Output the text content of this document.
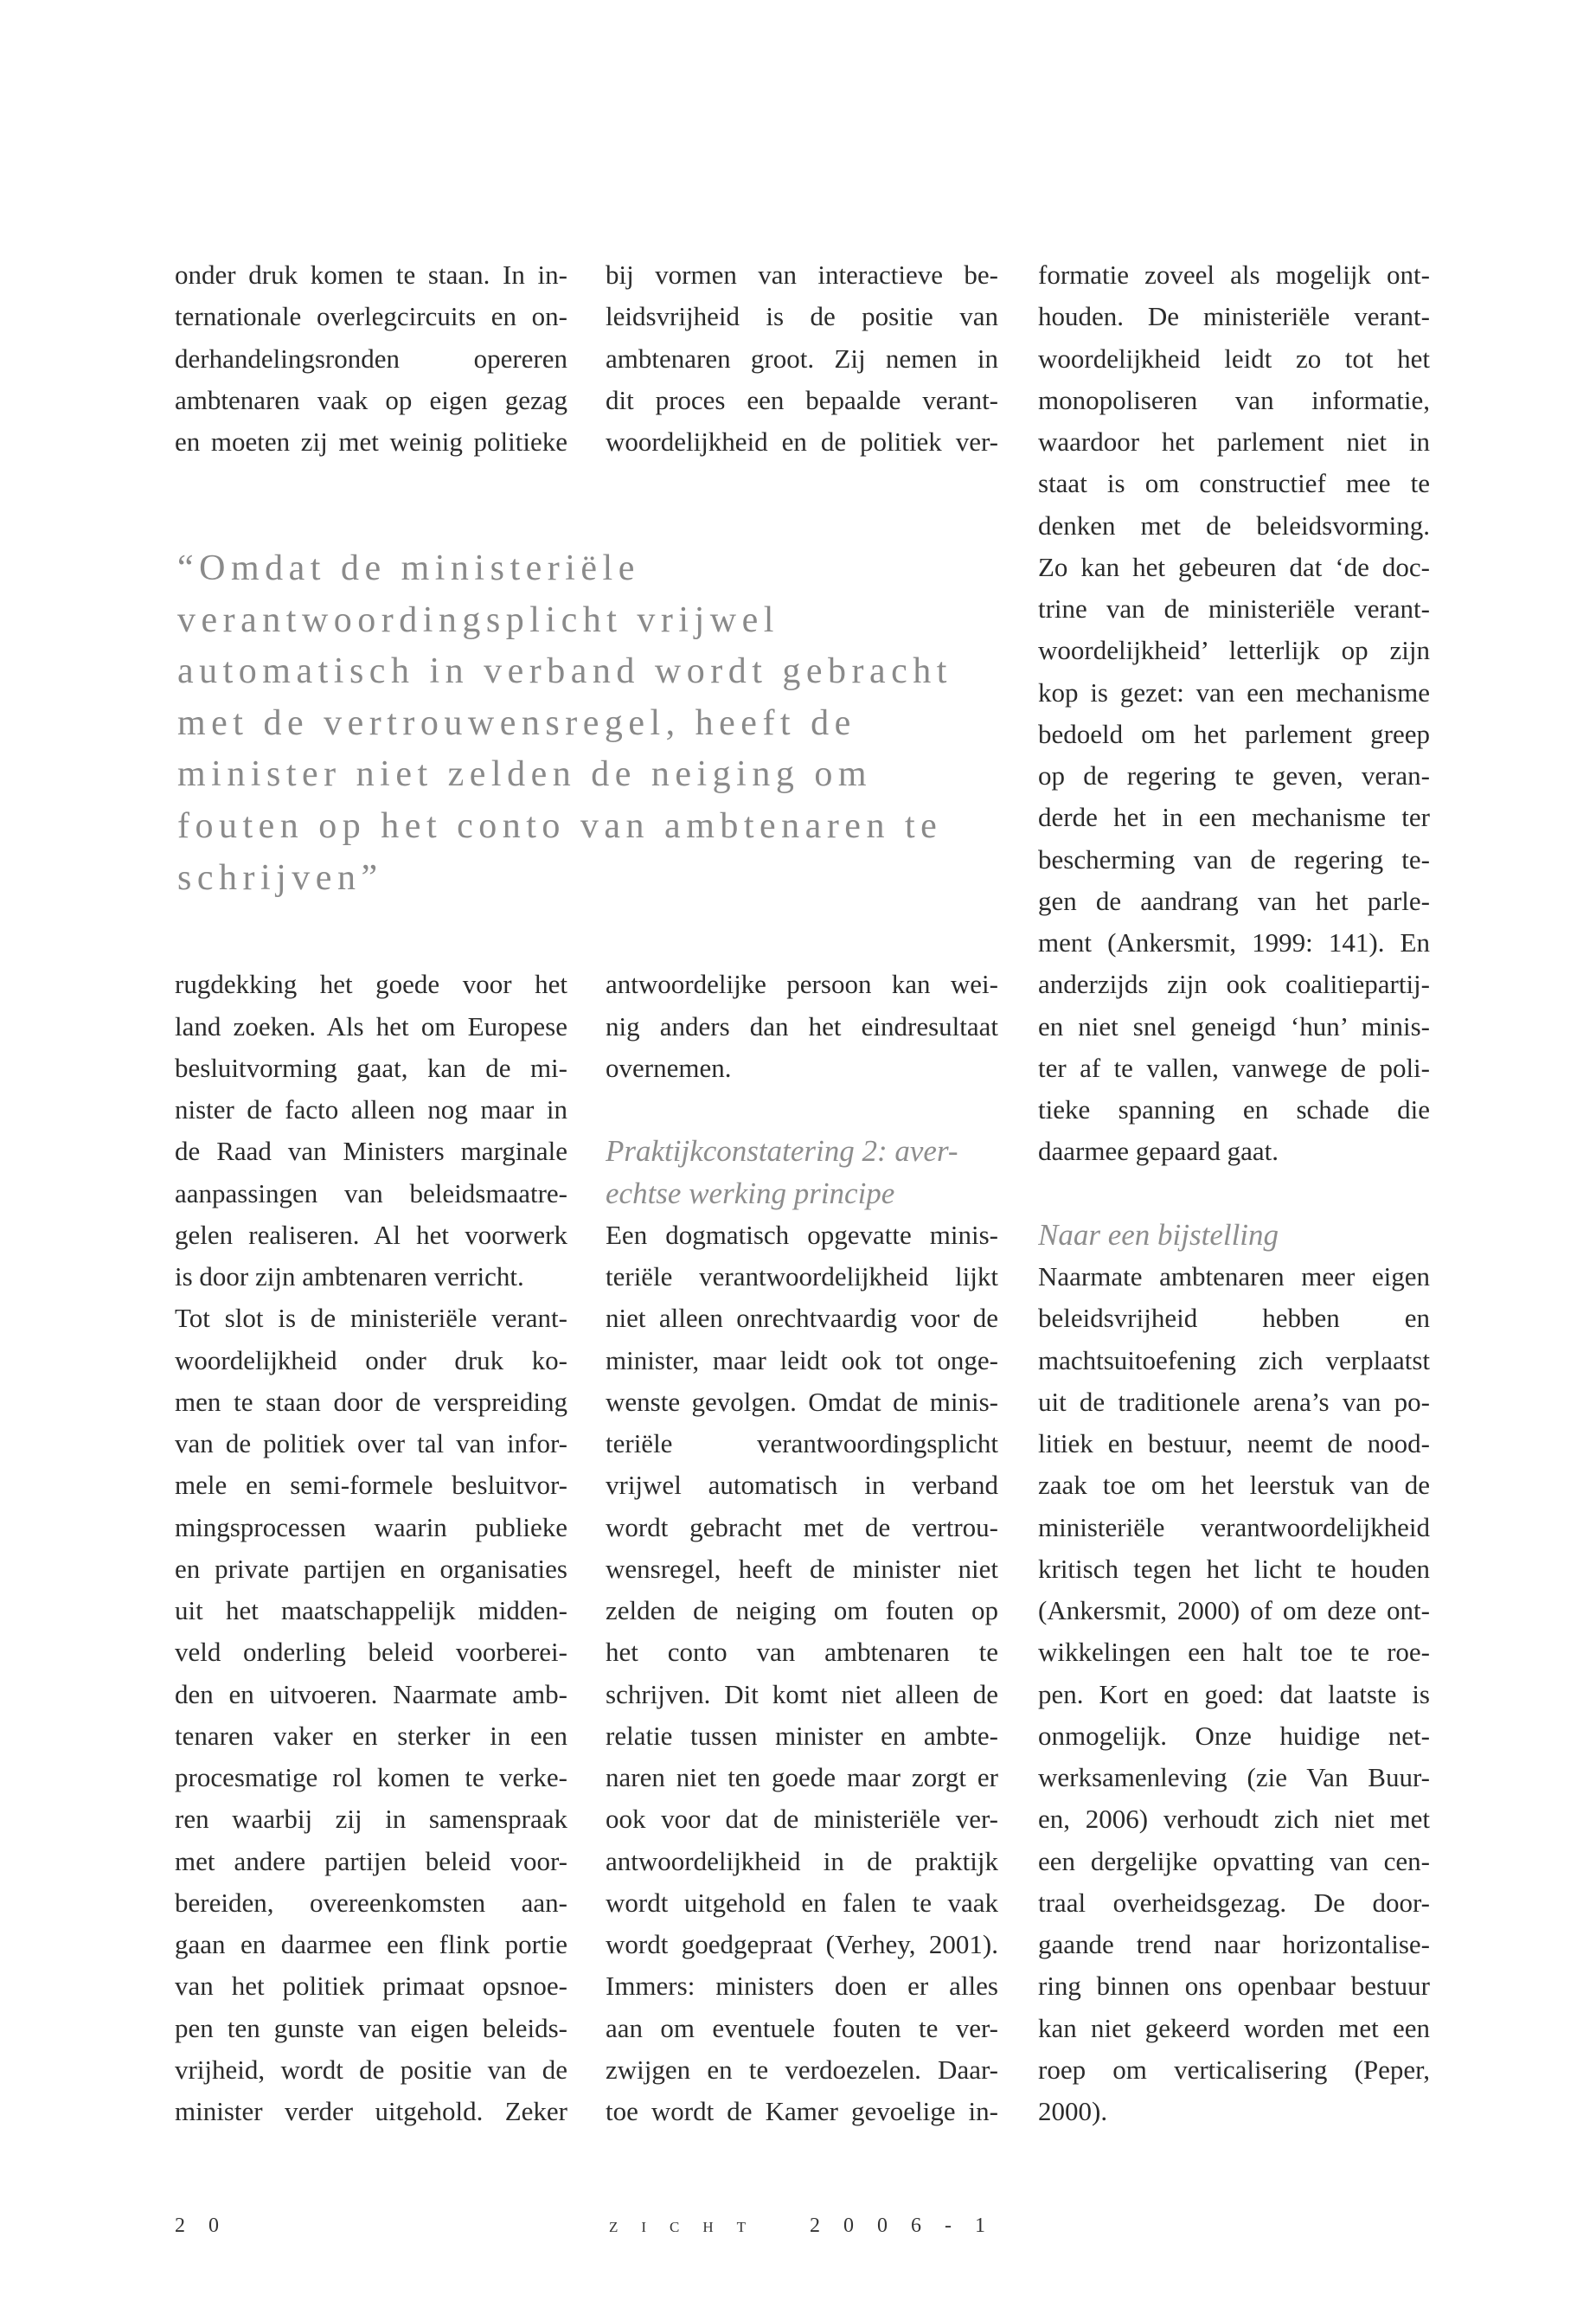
onder druk komen te staan. In in-
ternationale overlegcircuits en on-
derhandelingsronden opereren
ambtenaren vaak op eigen gezag
en moeten zij met weinig politieke
bij vormen van interactieve be-
leidsvrijheid is de positie van
ambtenaren groot. Zij nemen in
dit proces een bepaalde verant-
woordelijkheid en de politiek ver-
“Omdat de ministeriële
verantwoordingsplicht vrijwel
automatisch in verband wordt gebracht
met de vertrouwensregel, heeft de
minister niet zelden de neiging om
fouten op het conto van ambtenaren te
schrijven”
rugdekking het goede voor het
land zoeken. Als het om Europese
besluitvorming gaat, kan de mi-
nister de facto alleen nog maar in
de Raad van Ministers marginale
aanpassingen van beleidsmaatre-
gelen realiseren. Al het voorwerk
is door zijn ambtenaren verricht.
Tot slot is de ministeriële verant-
woordelijkheid onder druk ko-
men te staan door de verspreiding
van de politiek over tal van infor-
mele en semi-formele besluitvor-
mingsprocessen waarin publieke
en private partijen en organisaties
uit het maatschappelijk midden-
veld onderling beleid voorberei-
den en uitvoeren. Naarmate amb-
tenaren vaker en sterker in een
procesmatige rol komen te verke-
ren waarbij zij in samenspraak
met andere partijen beleid voor-
bereiden, overeenkomsten aan-
gaan en daarmee een flink portie
van het politiek primaat opsnoe-
pen ten gunste van eigen beleids-
vrijheid, wordt de positie van de
minister verder uitgehold. Zeker
antwoordelijke persoon kan wei-
nig anders dan het eindresultaat
overnemen.
Praktijkconstatering 2: aver-
echtse werking principe
Een dogmatisch opgevatte minis-
teriële verantwoordelijkheid lijkt
niet alleen onrechtvaardig voor de
minister, maar leidt ook tot onge-
wenste gevolgen. Omdat de minis-
teriële verantwoordingsplicht
vrijwel automatisch in verband
wordt gebracht met de vertrou-
wensregel, heeft de minister niet
zelden de neiging om fouten op
het conto van ambtenaren te
schrijven. Dit komt niet alleen de
relatie tussen minister en ambte-
naren niet ten goede maar zorgt er
ook voor dat de ministeriële ver-
antwoordelijkheid in de praktijk
wordt uitgehold en falen te vaak
wordt goedgepraat (Verhey, 2001).
Immers: ministers doen er alles
aan om eventuele fouten te ver-
zwijgen en te verdoezelen. Daar-
toe wordt de Kamer gevoelige in-
formatie zoveel als mogelijk ont-
houden. De ministeriële verant-
woordelijkheid leidt zo tot het
monopoliseren van informatie,
waardoor het parlement niet in
staat is om constructief mee te
denken met de beleidsvorming.
Zo kan het gebeuren dat ‘de doc-
trine van de ministeriële verant-
woordelijkheid’ letterlijk op zijn
kop is gezet: van een mechanisme
bedoeld om het parlement greep
op de regering te geven, veran-
derde het in een mechanisme ter
bescherming van de regering te-
gen de aandrang van het parle-
ment (Ankersmit, 1999: 141). En
anderzijds zijn ook coalitiepartij-
en niet snel geneigd ‘hun’ minis-
ter af te vallen, vanwege de poli-
tieke spanning en schade die
daarmee gepaard gaat.
Naar een bijstelling
Naarmate ambtenaren meer eigen
beleidsvrijheid hebben en
machtsuitoefening zich verplaatst
uit de traditionele arena’s van po-
litiek en bestuur, neemt de nood-
zaak toe om het leerstuk van de
ministeriële verantwoordelijkheid
kritisch tegen het licht te houden
(Ankersmit, 2000) of om deze ont-
wikkelingen een halt toe te roe-
pen. Kort en goed: dat laatste is
onmogelijk. Onze huidige net-
werksamenleving (zie Van Buur-
en, 2006) verhoudt zich niet met
een dergelijke opvatting van cen-
traal overheidsgezag. De door-
gaande trend naar horizontalise-
ring binnen ons openbaar bestuur
kan niet gekeerd worden met een
roep om verticalisering (Peper,
2000).
20	zicht 2006-1
